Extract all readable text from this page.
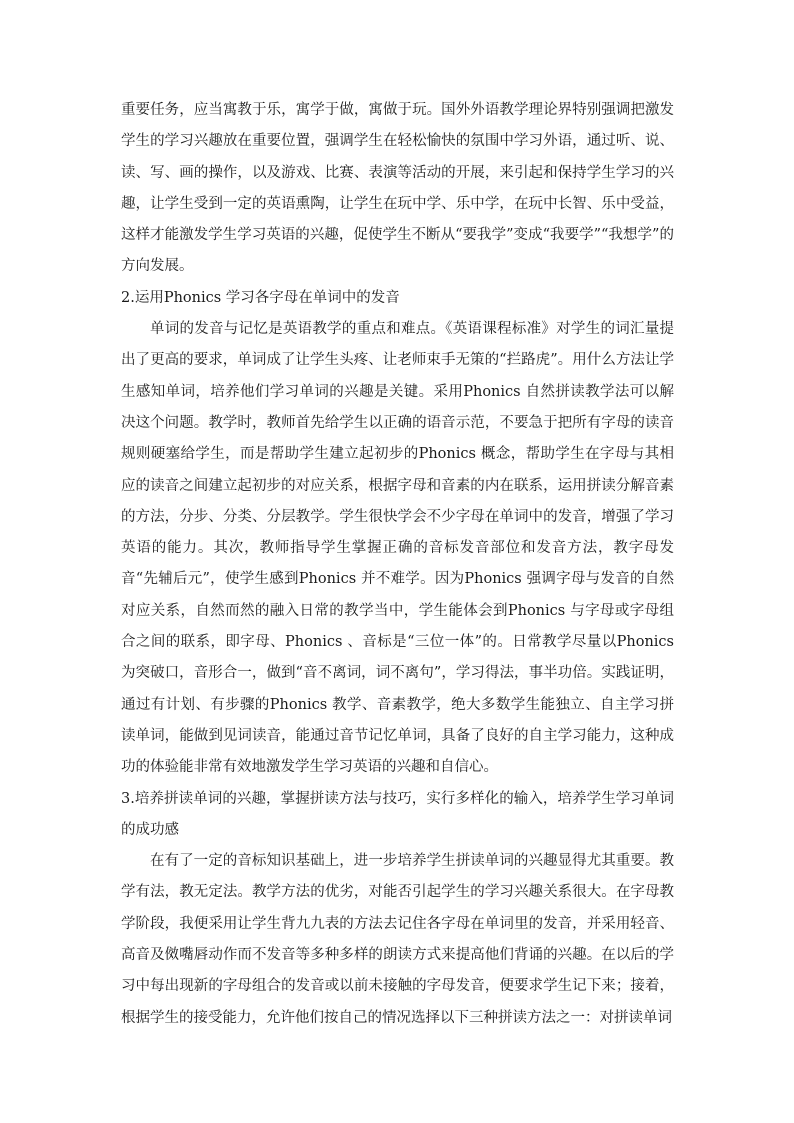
重要任务，应当寓教于乐，寓学于做，寓做于玩。国外外语教学理论界特别强调把激发学生的学习兴趣放在重要位置，强调学生在轻松愉快的氛围中学习外语，通过听、说、读、写、画的操作，以及游戏、比赛、表演等活动的开展，来引起和保持学生学习的兴趣，让学生受到一定的英语熏陶，让学生在玩中学、乐中学，在玩中长智、乐中受益，这样才能激发学生学习英语的兴趣，促使学生不断从“要我学”变成“我要学”“我想学”的方向发展。

2.运用Phonics 学习各字母在单词中的发音

单词的发音与记忆是英语教学的重点和难点。《英语课程标准》对学生的词汇量提出了更高的要求，单词成了让学生头疼、让老师束手无策的“拦路虎”。用什么方法让学生感知单词，培养他们学习单词的兴趣是关键。采用Phonics 自然拼读教学法可以解决这个问题。教学时，教师首先给学生以正确的语音示范，不要急于把所有字母的读音规则硬塞给学生，而是帮助学生建立起初步的Phonics 概念，帮助学生在字母与其相应的读音之间建立起初步的对应关系，根据字母和音素的内在联系，运用拼读分解音素的方法，分步、分类、分层教学。学生很快学会不少字母在单词中的发音，增强了学习英语的能力。其次，教师指导学生掌握正确的音标发音部位和发音方法，教字母发音“先辅后元”，使学生感到Phonics 并不难学。因为Phonics 强调字母与发音的自然对应关系，自然而然的融入日常的教学当中，学生能体会到Phonics 与字母或字母组合之间的联系，即字母、Phonics 、音标是“三位一体”的。日常教学尽量以Phonics 为突破口，音形合一，做到“音不离词，词不离句”，学习得法，事半功倍。实践证明，通过有计划、有步骤的Phonics 教学、音素教学，绝大多数学生能独立、自主学习拼读单词，能做到见词读音，能通过音节记忆单词，具备了良好的自主学习能力，这种成功的体验能非常有效地激发学生学习英语的兴趣和自信心。

3.培养拼读单词的兴趣，掌握拼读方法与技巧，实行多样化的输入，培养学生学习单词的成功感

在有了一定的音标知识基础上，进一步培养学生拼读单词的兴趣显得尤其重要。教学有法，教无定法。教学方法的优劣，对能否引起学生的学习兴趣关系很大。在字母教学阶段，我便采用让学生背九九表的方法去记住各字母在单词里的发音，并采用轻音、高音及傚嘴唇动作而不发音等多种多样的朗读方式来提高他们背诵的兴趣。在以后的学习中每出现新的字母组合的发音或以前未接触的字母发音，便要求学生记下来；接着，根据学生的接受能力，允许他们按自己的情况选择以下三种拼读方法之一：对拼读单词
